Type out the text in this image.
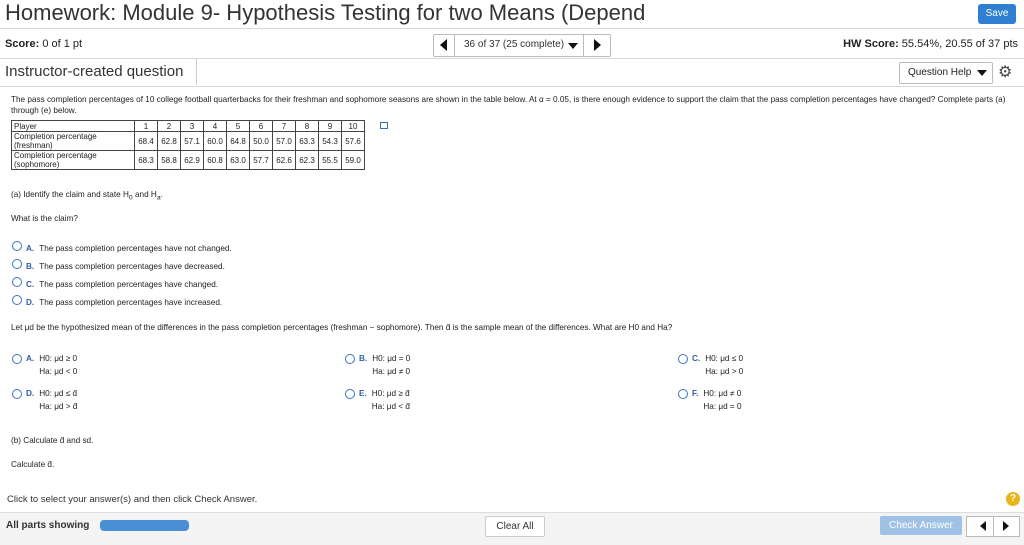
Homework: Module 9- Hypothesis Testing for two Means (Depend	Save
Score: 0 of 1 pt	36 of 37 (25 complete)	HW Score: 55.54%, 20.55 of 37 pts
Instructor-created question	Question Help ⚙
The pass completion percentages of 10 college football quarterbacks for their freshman and sophomore seasons are shown in the table below. At α = 0.05, is there enough evidence to support the claim that the pass completion percentages have changed? Complete parts (a) through (e) below.
Player	1	2	3	4	5	6	7	8	9	10
Completion percentage (freshman)	68.4	62.8	57.1	60.0	64.8	50.0	57.0	63.3	54.3	57.6
Completion percentage (sophomore)	68.3	58.8	62.9	60.8	63.0	57.7	62.6	62.3	55.5	59.0
(a) Identify the claim and state $H_0$ and $H_a$.
What is the claim?
A. The pass completion percentages have not changed.
B. The pass completion percentages have decreased.
C. The pass completion percentages have changed.
D. The pass completion percentages have increased.
Let μd be the hypothesized mean of the differences in the pass completion percentages (freshman − sophomore). Then d̄ is the sample mean of the differences. What are H0 and Ha?
A. H0: μd ≥ 0
Ha: μd < 0
B. H0: μd = 0
Ha: μd ≠ 0
C. H0: μd ≤ 0
Ha: μd > 0
D. H0: μd ≤ d̄
Ha: μd > d̄
E. H0: μd ≥ d̄
Ha: μd < d̄
F. H0: μd ≠ 0
Ha: μd = 0
(b) Calculate d̄ and sd.
Calculate d̄.
Click to select your answer(s) and then click Check Answer.	?
All parts showing	Clear All	Check Answer
